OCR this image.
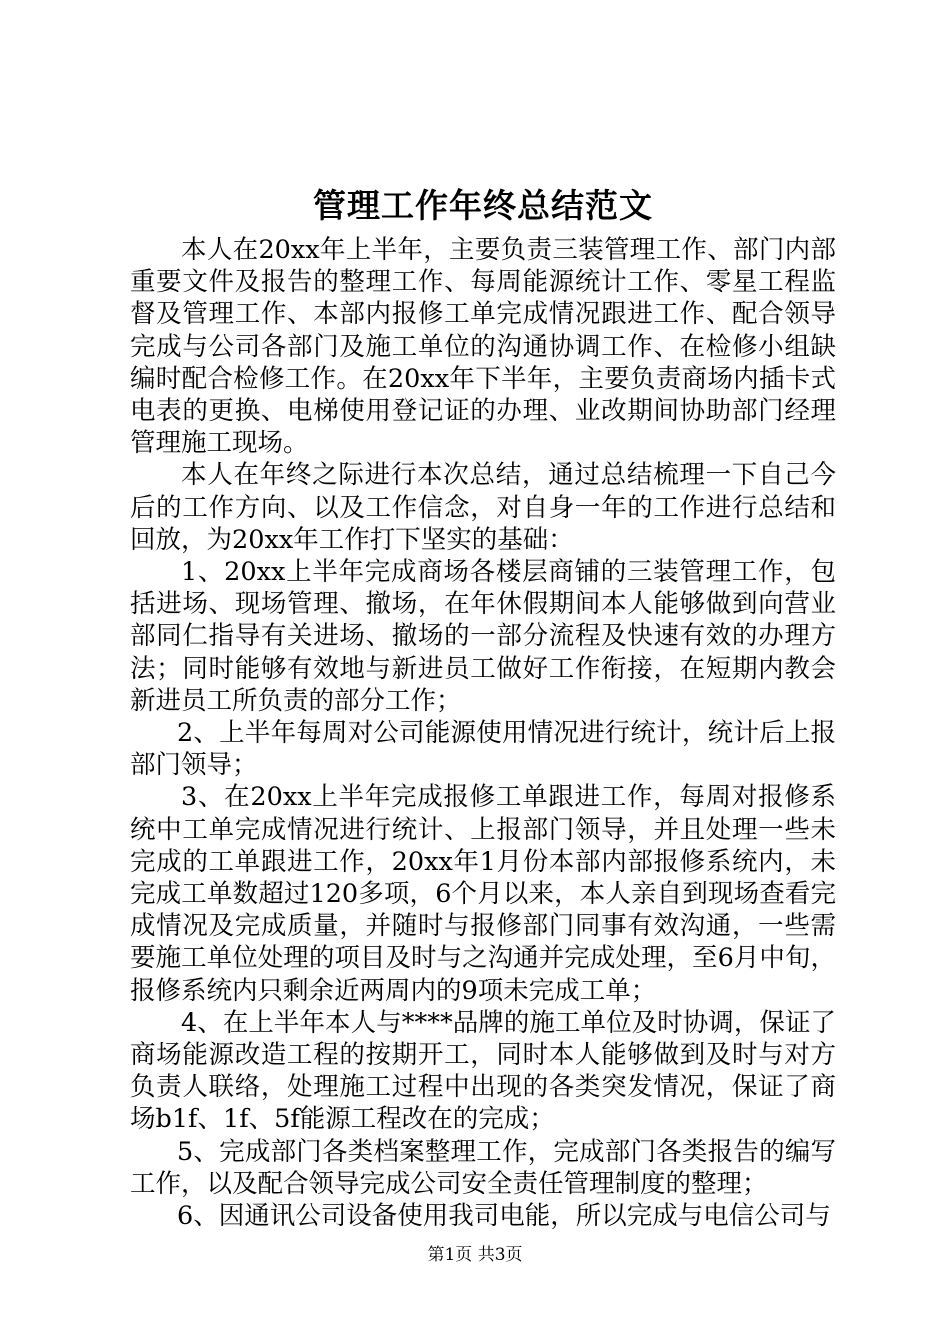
管理工作年终总结范文

本人在20xx年上半年，主要负责三装管理工作、部门内部重要文件及报告的整理工作、每周能源统计工作、零星工程监督及管理工作、本部内报修工单完成情况跟进工作、配合领导完成与公司各部门及施工单位的沟通协调工作、在检修小组缺编时配合检修工作。在20xx年下半年，主要负责商场内插卡式电表的更换、电梯使用登记证的办理、业改期间协助部门经理管理施工现场。

本人在年终之际进行本次总结，通过总结梳理一下自己今后的工作方向、以及工作信念，对自身一年的工作进行总结和回放，为20xx年工作打下坚实的基础：

1、20xx上半年完成商场各楼层商铺的三装管理工作，包括进场、现场管理、撤场，在年休假期间本人能够做到向营业部同仁指导有关进场、撤场的一部分流程及快速有效的办理方法；同时能够有效地与新进员工做好工作衔接，在短期内教会新进员工所负责的部分工作；

2、上半年每周对公司能源使用情况进行统计，统计后上报部门领导；

3、在20xx上半年完成报修工单跟进工作，每周对报修系统中工单完成情况进行统计、上报部门领导，并且处理一些未完成的工单跟进工作，20xx年1月份本部内部报修系统内，未完成工单数超过120多项，6个月以来，本人亲自到现场查看完成情况及完成质量，并随时与报修部门同事有效沟通，一些需要施工单位处理的项目及时与之沟通并完成处理，至6月中旬，报修系统内只剩余近两周内的9项未完成工单；

4、在上半年本人与****品牌的施工单位及时协调，保证了商场能源改造工程的按期开工，同时本人能够做到及时与对方负责人联络，处理施工过程中出现的各类突发情况，保证了商场b1f、1f、5f能源工程改在的完成；

5、完成部门各类档案整理工作，完成部门各类报告的编写工作，以及配合领导完成公司安全责任管理制度的整理；

6、因通讯公司设备使用我司电能，所以完成与电信公司与

第1页 共3页
